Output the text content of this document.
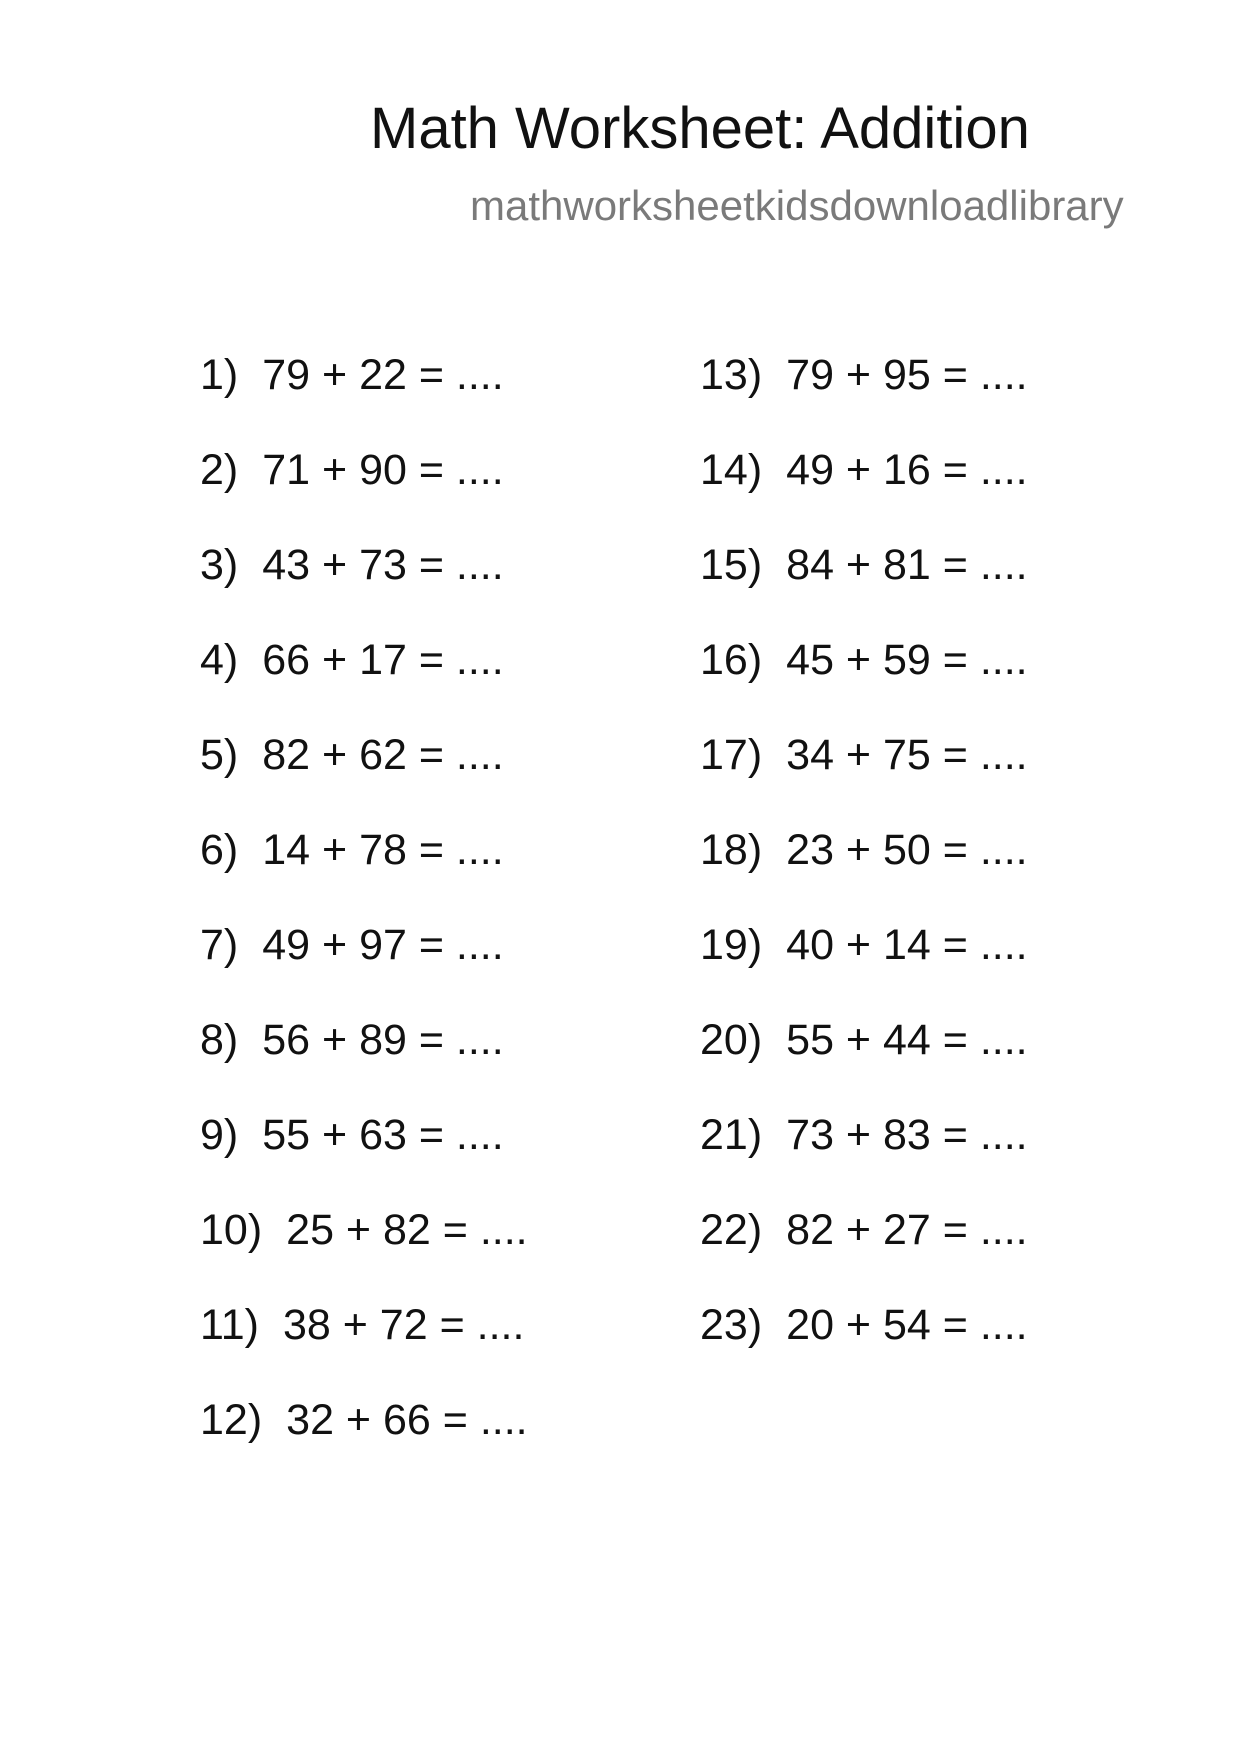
Math Worksheet: Addition
mathworksheetkidsdownloadlibrary
1) 79 + 22 = ....
2) 71 + 90 = ....
3) 43 + 73 = ....
4) 66 + 17 = ....
5) 82 + 62 = ....
6) 14 + 78 = ....
7) 49 + 97 = ....
8) 56 + 89 = ....
9) 55 + 63 = ....
10) 25 + 82 = ....
11) 38 + 72 = ....
12) 32 + 66 = ....
13) 79 + 95 = ....
14) 49 + 16 = ....
15) 84 + 81 = ....
16) 45 + 59 = ....
17) 34 + 75 = ....
18) 23 + 50 = ....
19) 40 + 14 = ....
20) 55 + 44 = ....
21) 73 + 83 = ....
22) 82 + 27 = ....
23) 20 + 54 = ....
